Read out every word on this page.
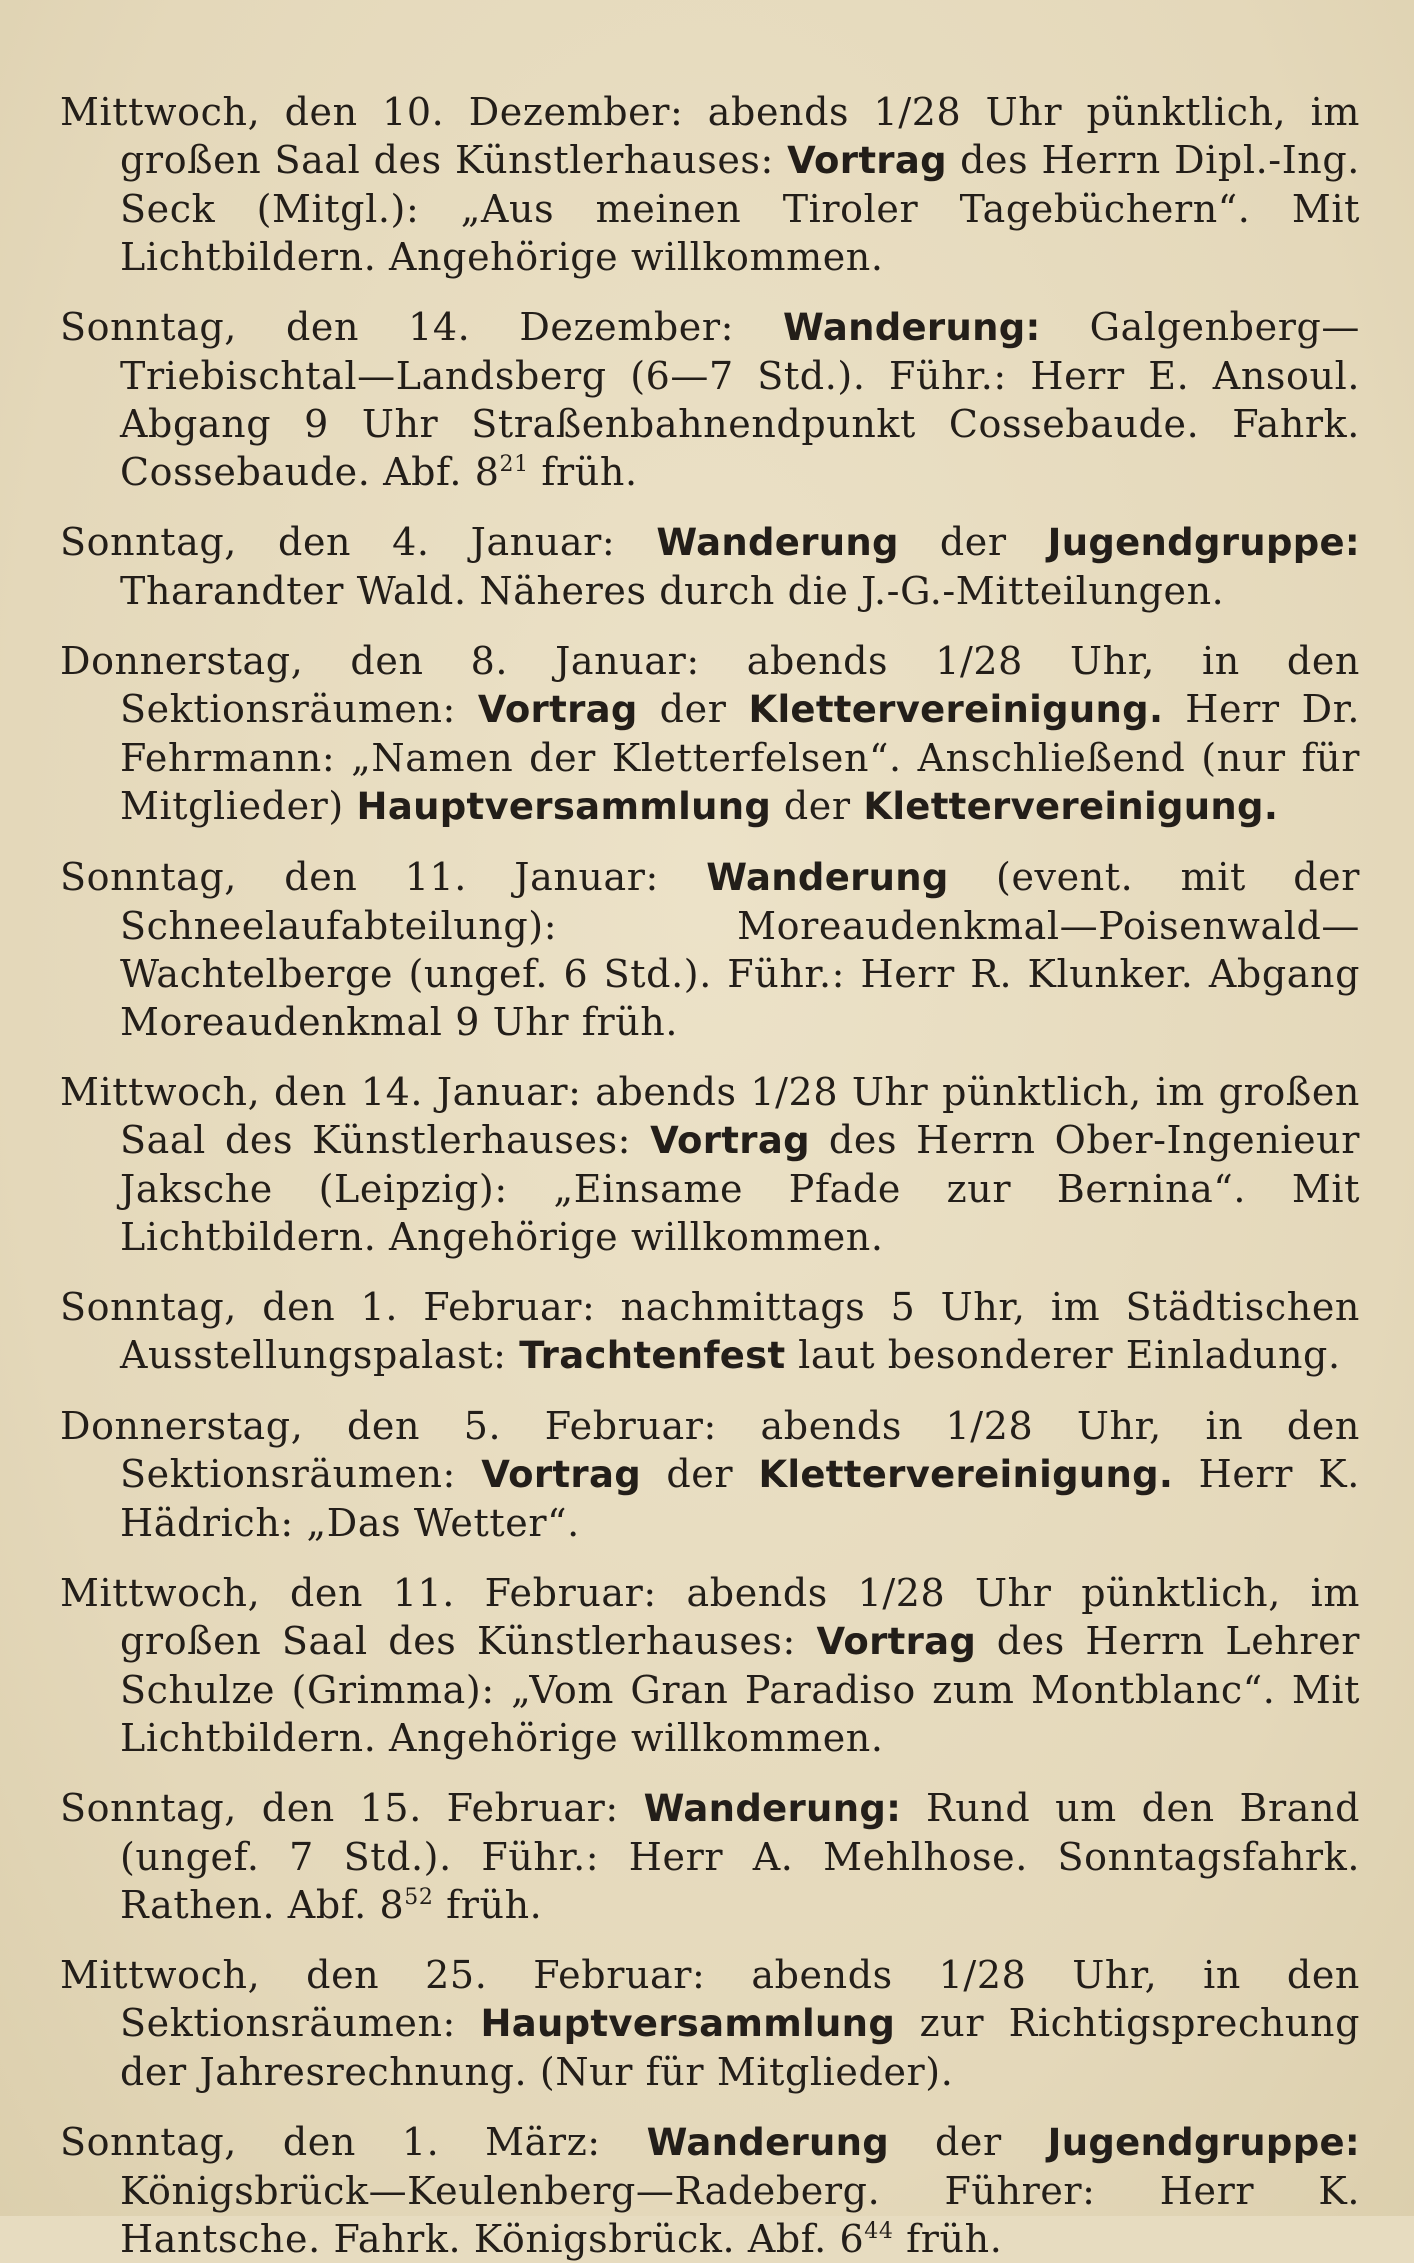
Mittwoch, den 10. Dezember: abends 1/28 Uhr pünktlich, im großen Saal des Künstlerhauses: Vortrag des Herrn Dipl.-Ing. Seck (Mitgl.): „Aus meinen Tiroler Tagebüchern“. Mit Lichtbildern. Angehörige willkommen.

Sonntag, den 14. Dezember: Wanderung: Galgenberg—Triebischtal—Landsberg (6—7 Std.). Führ.: Herr E. Ansoul. Abgang 9 Uhr Straßenbahnendpunkt Cossebaude. Fahrk. Cossebaude. Abf. $8^{21}$ früh.

Sonntag, den 4. Januar: Wanderung der Jugendgruppe: Tharandter Wald. Näheres durch die J.-G.-Mitteilungen.

Donnerstag, den 8. Januar: abends 1/28 Uhr, in den Sektionsräumen: Vortrag der Klettervereinigung. Herr Dr. Fehrmann: „Namen der Kletterfelsen“. Anschließend (nur für Mitglieder) Hauptversammlung der Klettervereinigung.

Sonntag, den 11. Januar: Wanderung (event. mit der Schneelaufabteilung): Moreaudenkmal—Poisenwald—Wachtelberge (ungef. 6 Std.). Führ.: Herr R. Klunker. Abgang Moreaudenkmal 9 Uhr früh.

Mittwoch, den 14. Januar: abends 1/28 Uhr pünktlich, im großen Saal des Künstlerhauses: Vortrag des Herrn Ober-Ingenieur Jaksche (Leipzig): „Einsame Pfade zur Bernina“. Mit Lichtbildern. Angehörige willkommen.

Sonntag, den 1. Februar: nachmittags 5 Uhr, im Städtischen Ausstellungspalast: Trachtenfest laut besonderer Einladung.

Donnerstag, den 5. Februar: abends 1/28 Uhr, in den Sektionsräumen: Vortrag der Klettervereinigung. Herr K. Hädrich: „Das Wetter“.

Mittwoch, den 11. Februar: abends 1/28 Uhr pünktlich, im großen Saal des Künstlerhauses: Vortrag des Herrn Lehrer Schulze (Grimma): „Vom Gran Paradiso zum Montblanc“. Mit Lichtbildern. Angehörige willkommen.

Sonntag, den 15. Februar: Wanderung: Rund um den Brand (ungef. 7 Std.). Führ.: Herr A. Mehlhose. Sonntagsfahrk. Rathen. Abf. $8^{52}$ früh.

Mittwoch, den 25. Februar: abends 1/28 Uhr, in den Sektionsräumen: Hauptversammlung zur Richtigsprechung der Jahresrechnung. (Nur für Mitglieder).

Sonntag, den 1. März: Wanderung der Jugendgruppe: Königsbrück—Keulenberg—Radeberg. Führer: Herr K. Hantsche. Fahrk. Königsbrück. Abf. $6^{44}$ früh.
